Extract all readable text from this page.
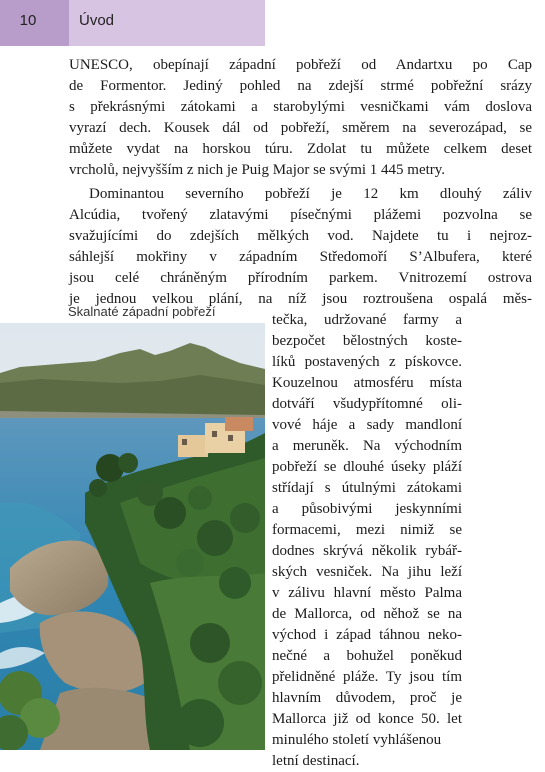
10	Úvod
UNESCO, obepínají západní pobřeží od Andartxu po Cap
de Formentor. Jediný pohled na zdejší strmé pobřežní srázy
s překrásnými zátokami a starobylými vesničkami vám doslova
vyrazí dech. Kousek dál od pobřeží, směrem na severozápad, se
můžete vydat na horskou túru. Zdolat tu můžete celkem deset
vrcholů, nejvyšším z nich je Puig Major se svými 1 445 metry.
Dominantou severního pobřeží je 12 km dlouhý záliv
Alcúdia, tvořený zlatavými písečnými plážemi pozvolna se
svažujícími do zdejších mělkých vod. Najdete tu i nejroz-
sáhlejší mokřiny v západním Středomoří S’Albufera, které
jsou celé chráněným přírodním parkem. Vnitrozemí ostrova
je jednou velkou plání, na níž jsou roztroušena ospalá měs-
Skalnaté západní pobřeží
tečka, udržované farmy a
bezpočet bělostných koste-
líků postavených z pískovce.
Kouzelnou atmosféru místa
dotváří všudypřítomné oli-
vové háje a sady mandloní
a meruněk. Na východním
pobřeží se dlouhé úseky pláží
střídají s útulnými zátokami
a působivými jeskynními
formacemi, mezi nimiž se
dodnes skrývá několik rybář-
ských vesniček. Na jihu leží
v zálivu hlavní město Palma
de Mallorca, od něhož se na
východ i západ táhnou neko-
nečné a bohužel poněkud
přelidněné pláže. Ty jsou tím
hlavním důvodem, proč je
Mallorca již od konce 50. let
minulého století vyhlášenou
letní destinací.
